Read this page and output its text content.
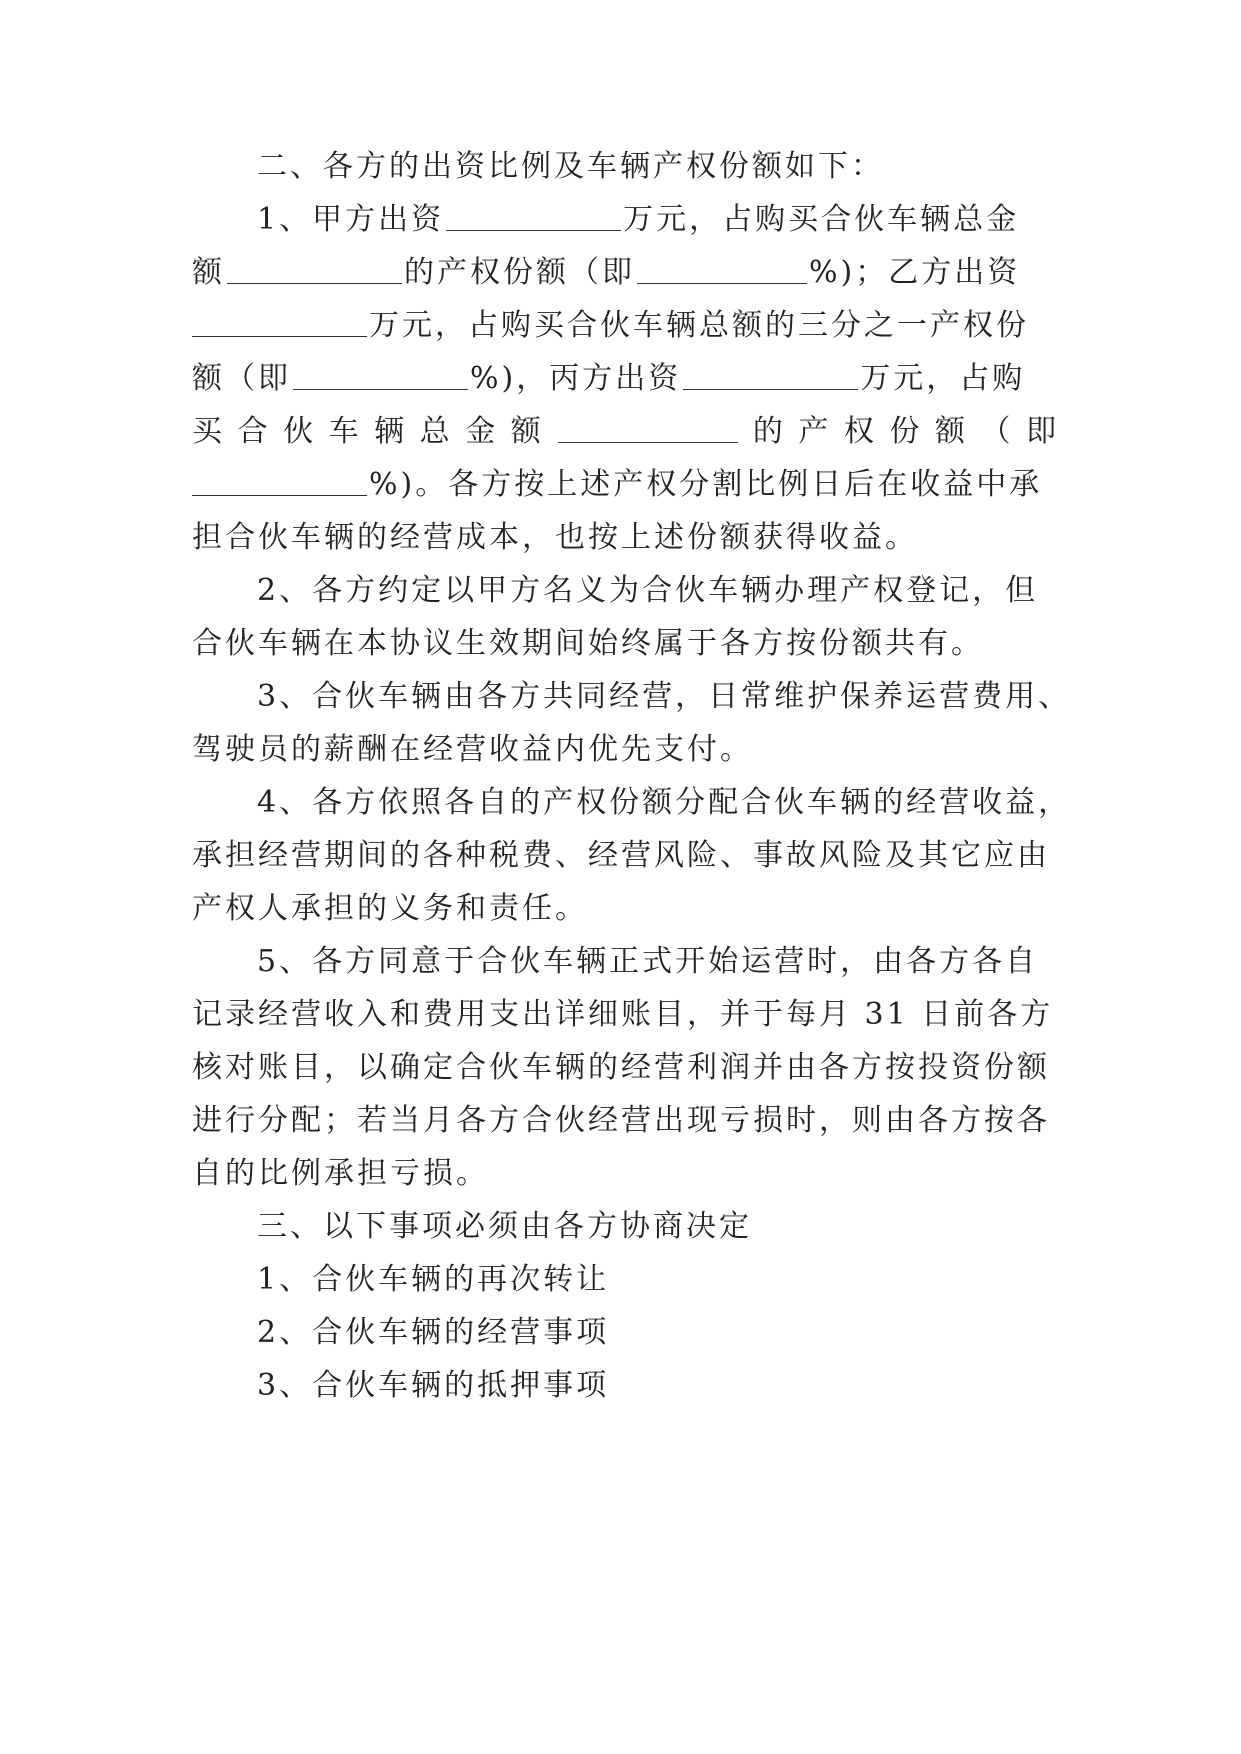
二、各方的出资比例及车辆产权份额如下：
1、甲方出资	万元，占购买合伙车辆总金
额	的产权份额（即	%)；乙方出资
万元，占购买合伙车辆总额的三分之一产权份
额（即	%)，丙方出资	万元，占购
买 合 伙 车 辆 总 金 额	的 产 权 份 额 （ 即
%)。各方按上述产权分割比例日后在收益中承
担合伙车辆的经营成本，也按上述份额获得收益。
2、各方约定以甲方名义为合伙车辆办理产权登记，但
合伙车辆在本协议生效期间始终属于各方按份额共有。
3、合伙车辆由各方共同经营，日常维护保养运营费用、
驾驶员的薪酬在经营收益内优先支付。
4、各方依照各自的产权份额分配合伙车辆的经营收益，
承担经营期间的各种税费、经营风险、事故风险及其它应由
产权人承担的义务和责任。
5、各方同意于合伙车辆正式开始运营时，由各方各自
记录经营收入和费用支出详细账目，并于每月 31 日前各方
核对账目，以确定合伙车辆的经营利润并由各方按投资份额
进行分配；若当月各方合伙经营出现亏损时，则由各方按各
自的比例承担亏损。
三、以下事项必须由各方协商决定
1、合伙车辆的再次转让
2、合伙车辆的经营事项
3、合伙车辆的抵押事项
